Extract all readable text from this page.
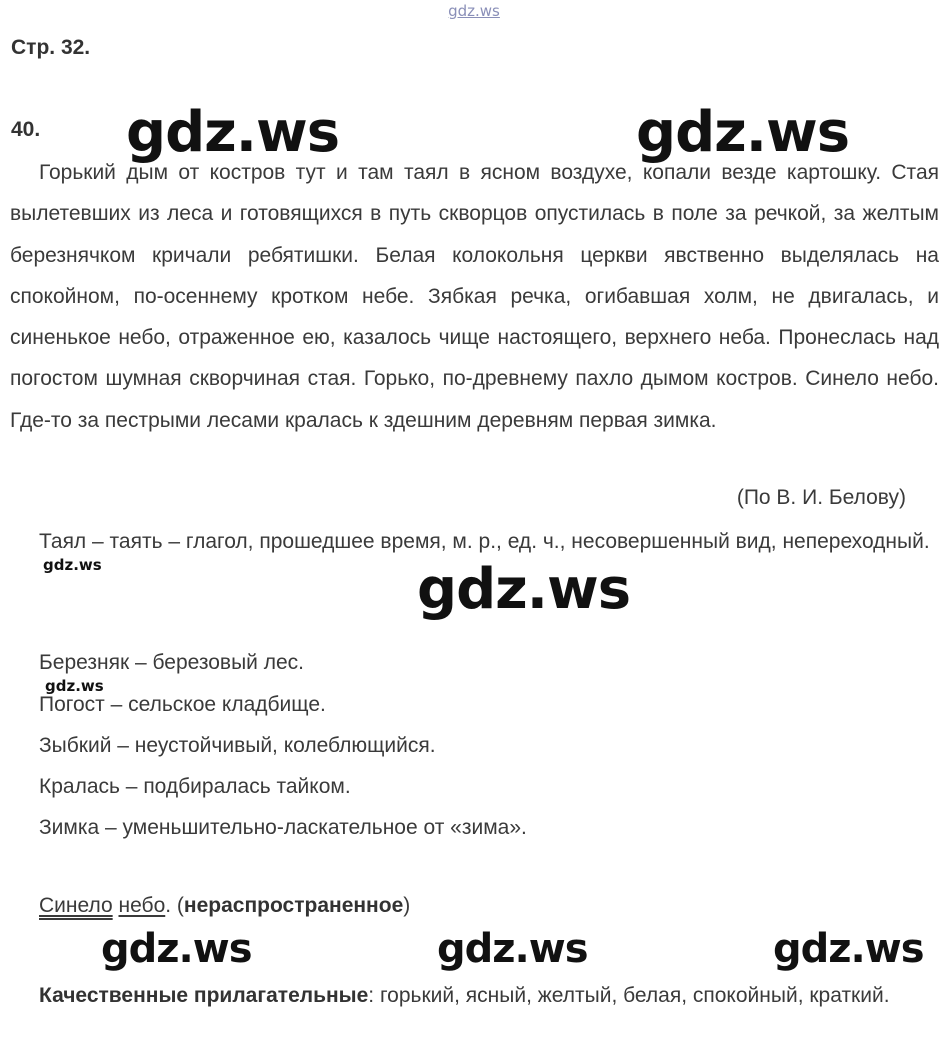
gdz.ws
Стр. 32.
40. gdz.ws	gdz.ws

Горький дым от костров тут и там таял в ясном воздухе, копали везде картошку. Стая вылетевших из леса и готовящихся в путь скворцов опустилась в поле за речкой, за желтым березнячком кричали ребятишки. Белая колокольня церкви явственно выделялась на спокойном, по-осеннему кротком небе. Зябкая речка, огибавшая холм, не двигалась, и синенькое небо, отраженное ею, казалось чище настоящего, верхнего неба. Пронеслась над погостом шумная скворчиная стая. Горько, по-древнему пахло дымом костров. Синело небо. Где-то за пестрыми лесами кралась к здешним деревням первая зимка.

(По В. И. Белову)

Таял – таять – глагол, прошедшее время, м. р., ед. ч., несовершенный вид, непереходный.

gdz.ws	gdz.ws
Березняк – березовый лес.
gdz.ws
Погост – сельское кладбище.
Зыбкий – неустойчивый, колеблющийся.
Кралась – подбиралась тайком.
Зимка – уменьшительно-ласкательное от «зима».
Синело небо. (нераспространенное)
gdz.ws	gdz.ws	gdz.ws

Качественные прилагательные: горький, ясный, желтый, белая, спокойный, краткий.
